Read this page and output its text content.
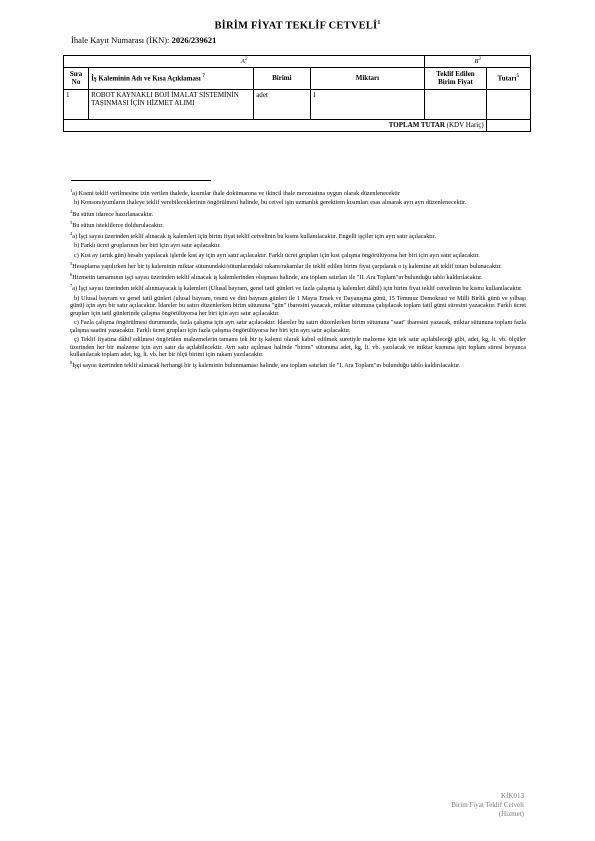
BİRİM FİYAT TEKLİF CETVELİ$^1$
İhale Kayıt Numarası (İKN): 2026/239621
$A^2$				$B^3$
Sıra No	İş Kaleminin Adı ve Kısa Açıklaması $^7$	Birimi	Miktarı	Teklif Edilen Birim Fiyat	Tutarı$^5$
1	ROBOT KAYNAKLI BOJİ İMALAT SİSTEMİNİN TAŞINMASI İÇİN HİZMET ALIMI	adet	1		
TOPLAM TUTAR (KDV Hariç)					

$^1$a) Kısmi teklif verilmesine izin verilen ihalede, kısımlar ihale dokümanına ve ikincil ihale mevzuatına uygun olarak düzenlenecektir

b) Konsorsiyumların ihaleye teklif verebileceklerinin öngörülmesi halinde, bu cetvel işin uzmanlık gerektiren kısımları esas alınarak ayrı ayrı düzenlenecektir.

$^2$Bu sütun idarece hazırlanacaktır.

$^3$Bu sütun isteklilerce doldurulacaktır.

$^4$a) İşçi sayısı üzerinden teklif alınacak iş kalemleri için birim fiyat teklif cetvelinin bu kısmı kullanılacaktır. Engelli işçiler için ayrı satır açılacaktır.

b) Farklı ücret gruplarının her biri için ayrı satır açılacaktır.

c) Kıst ay (artık gün) hesabı yapılacak işlerde kıst ay için ayrı satır açılacaktır. Farklı ücret grupları için kıst çalışma öngörülüyorsa her biri için ayrı satır açılacaktır.

$^5$Hesaplama yapılırken her bir iş kaleminin miktar sütunundaki/sütunlarındaki rakam/rakamlar ile teklif edilen birim fiyat çarpılarak o iş kalemine ait teklif tutarı bulunacaktır.

$^6$Hizmetin tamamının işçi sayısı üzerinden teklif alınacak iş kalemlerinden oluşması halinde, ara toplam satırları ile "II. Ara Toplam"ın bulunduğu tablo kaldırılacaktır.

$^7$a) İşçi sayısı üzerinden teklif alınmayacak iş kalemleri (Ulusal bayram, genel tatil günleri ve fazla çalışma iş kalemleri dâhil) için birim fiyat teklif cetvelinin bu kısmı kullanılacaktır.

b) Ulusal bayram ve genel tatil günleri (ulusal bayram, resmi ve dini bayram günleri ile 1 Mayıs Emek ve Dayanışma günü, 15 Temmuz Demokrasi ve Milli Birlik günü ve yılbaşı günü) için ayrı bir satır açılacaktır. İdareler bu satırı düzenlerken birim sütununa "gün" ibaresini yazacak, miktar sütununa çalışılacak toplam tatil günü süresini yazacaktır. Farklı ücret grupları için tatil günlerinde çalışma öngörülüyorsa her biri için ayrı satır açılacaktır.

c) Fazla çalışma öngörülmesi durumunda, fazla çalışma için ayrı satır açılacaktır. İdareler bu satırı düzenlerken birim sütununa "saat" ibaresini yazacak, miktar sütununa toplam fazla çalışma saatini yazacaktır. Farklı ücret grupları için fazla çalışma öngörülüyorsa her biri için ayrı satır açılacaktır.

ç) Teklif fiyatına dâhil edilmesi öngörülen malzemelerin tamamı tek bir iş kalemi olarak kabul edilmek suretiyle malzeme için tek satır açılabileceği gibi, adet, kg, lt. vb. ölçüler üzerinden her bir malzeme için ayrı satır da açılabilecektir. Ayrı satır açılması halinde "birim" sütununa adet, kg, lt. vb. yazılacak ve miktar kısmına işin toplam süresi boyunca kullanılacak toplam adet, kg, lt. vb. her bir ölçü birimi için rakam yazılacaktır.

$^8$İşçi sayısı üzerinden teklif alınacak herhangi bir iş kaleminin bulunmaması halinde, ara toplam satırları ile "I. Ara Toplam"ın bulunduğu tablo kaldırılacaktır.

KİK013
Birim Fiyat Teklif Cetveli
(Hizmet)
